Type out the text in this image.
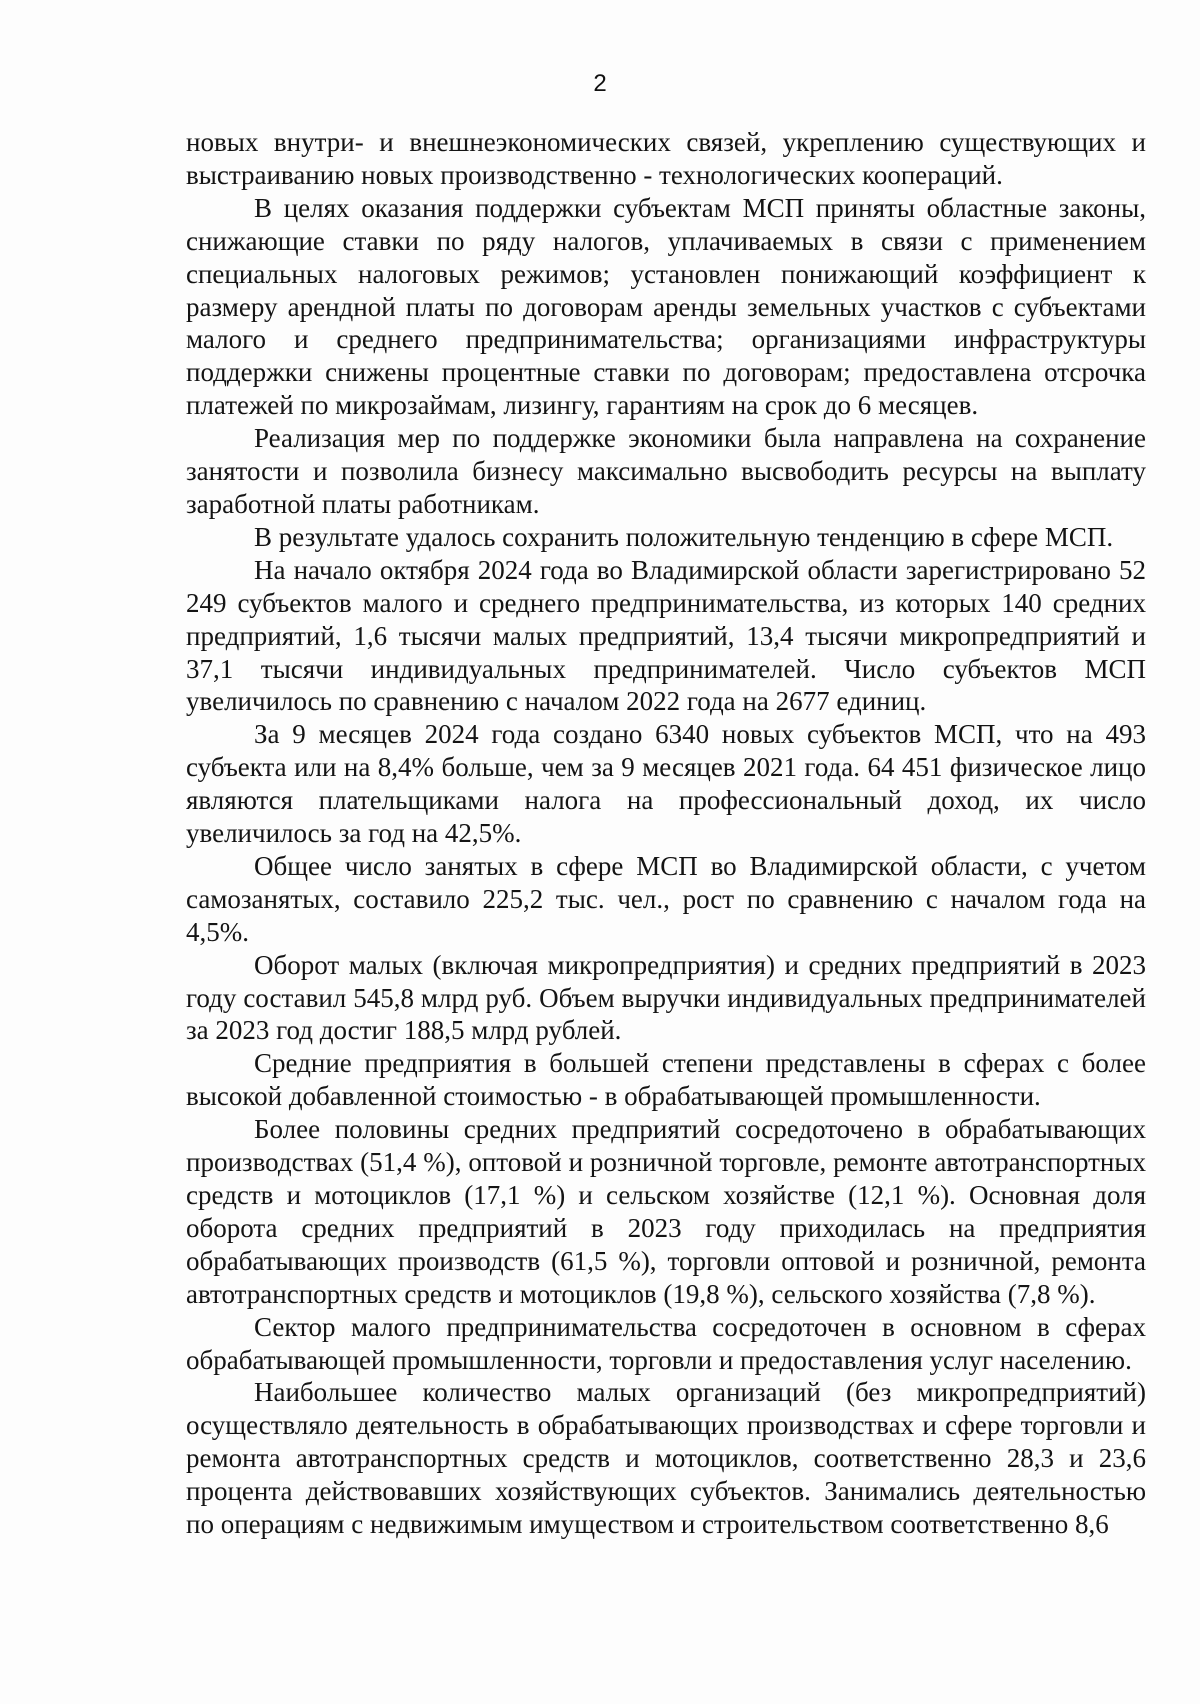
2

новых внутри- и внешнеэкономических связей, укреплению существующих и выстраиванию новых производственно - технологических коопераций.

В целях оказания поддержки субъектам МСП приняты областные законы, снижающие ставки по ряду налогов, уплачиваемых в связи с применением специальных налоговых режимов; установлен понижающий коэффициент к размеру арендной платы по договорам аренды земельных участков с субъектами малого и среднего предпринимательства; организациями инфраструктуры поддержки снижены процентные ставки по договорам; предоставлена отсрочка платежей по микрозаймам, лизингу, гарантиям на срок до 6 месяцев.

Реализация мер по поддержке экономики была направлена на сохранение занятости и позволила бизнесу максимально высвободить ресурсы на выплату заработной платы работникам.

В результате удалось сохранить положительную тенденцию в сфере МСП.

На начало октября 2024 года во Владимирской области зарегистрировано 52 249 субъектов малого и среднего предпринимательства, из которых 140 средних предприятий, 1,6 тысячи малых предприятий, 13,4 тысячи микропредприятий и 37,1 тысячи индивидуальных предпринимателей. Число субъектов МСП увеличилось по сравнению с началом 2022 года на 2677 единиц.

За 9 месяцев 2024 года создано 6340 новых субъектов МСП, что на 493 субъекта или на 8,4% больше, чем за 9 месяцев 2021 года. 64 451 физическое лицо являются плательщиками налога на профессиональный доход, их число увеличилось за год на 42,5%.

Общее число занятых в сфере МСП во Владимирской области, с учетом самозанятых, составило 225,2 тыс. чел., рост по сравнению с началом года на 4,5%.

Оборот малых (включая микропредприятия) и средних предприятий в 2023 году составил 545,8 млрд руб. Объем выручки индивидуальных предпринимателей за 2023 год достиг 188,5 млрд рублей.

Средние предприятия в большей степени представлены в сферах с более высокой добавленной стоимостью - в обрабатывающей промышленности.

Более половины средних предприятий сосредоточено в обрабатывающих производствах (51,4 %), оптовой и розничной торговле, ремонте автотранспортных средств и мотоциклов (17,1 %) и сельском хозяйстве (12,1 %). Основная доля оборота средних предприятий в 2023 году приходилась на предприятия обрабатывающих производств (61,5 %), торговли оптовой и розничной, ремонта автотранспортных средств и мотоциклов (19,8 %), сельского хозяйства (7,8 %).

Сектор малого предпринимательства сосредоточен в основном в сферах обрабатывающей промышленности, торговли и предоставления услуг населению.

Наибольшее количество малых организаций (без микропредприятий) осуществляло деятельность в обрабатывающих производствах и сфере торговли и ремонта автотранспортных средств и мотоциклов, соответственно 28,3 и 23,6 процента действовавших хозяйствующих субъектов. Занимались деятельностью по операциям с недвижимым имуществом и строительством соответственно 8,6
